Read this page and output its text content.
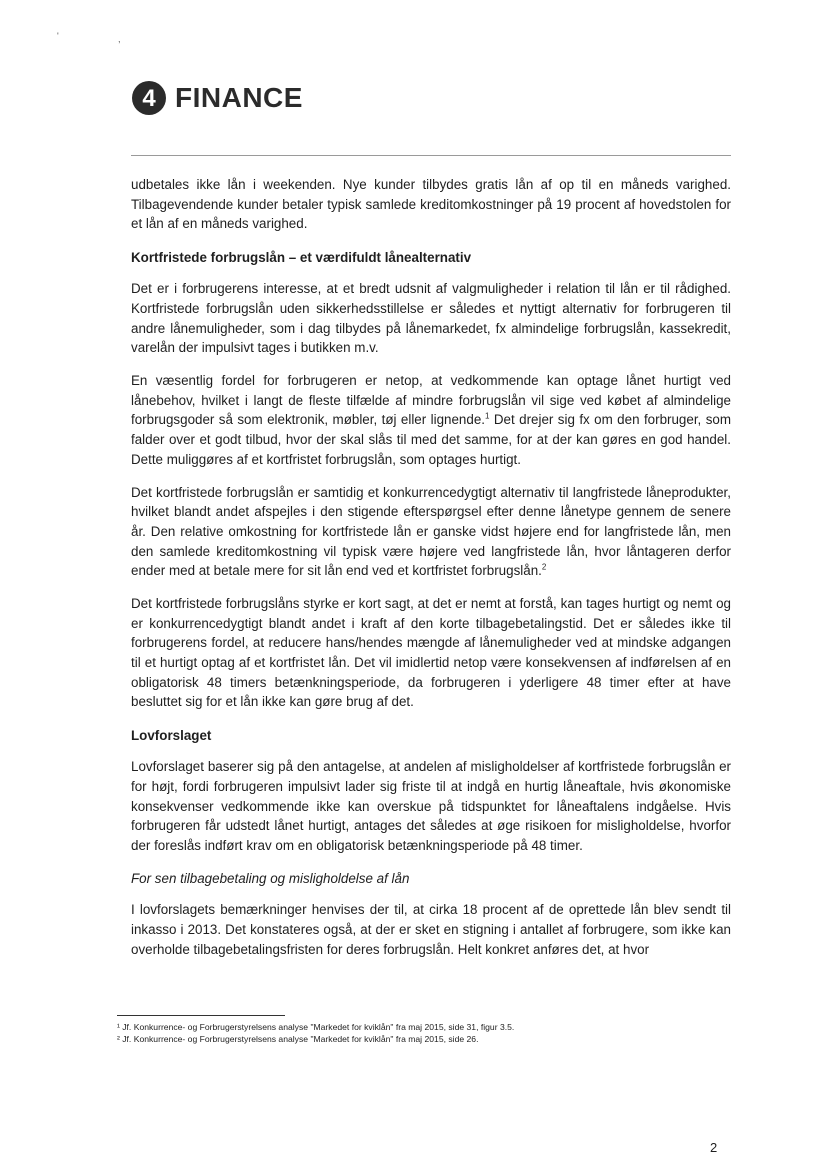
'	,
4 FINANCE

udbetales ikke lån i weekenden. Nye kunder tilbydes gratis lån af op til en måneds varighed. Tilbagevendende kunder betaler typisk samlede kreditomkostninger på 19 procent af hovedstolen for et lån af en måneds varighed.

Kortfristede forbrugslån – et værdifuldt lånealternativ

Det er i forbrugerens interesse, at et bredt udsnit af valgmuligheder i relation til lån er til rådighed. Kortfristede forbrugslån uden sikkerhedsstillelse er således et nyttigt alternativ for forbrugeren til andre lånemuligheder, som i dag tilbydes på lånemarkedet, fx almindelige forbrugslån, kassekredit, varelån der impulsivt tages i butikken m.v.

En væsentlig fordel for forbrugeren er netop, at vedkommende kan optage lånet hurtigt ved lånebehov, hvilket i langt de fleste tilfælde af mindre forbrugslån vil sige ved købet af almindelige forbrugsgoder så som elektronik, møbler, tøj eller lignende.$^1$ Det drejer sig fx om den forbruger, som falder over et godt tilbud, hvor der skal slås til med det samme, for at der kan gøres en god handel. Dette muliggøres af et kortfristet forbrugslån, som optages hurtigt.

Det kortfristede forbrugslån er samtidig et konkurrencedygtigt alternativ til langfristede låneprodukter, hvilket blandt andet afspejles i den stigende efterspørgsel efter denne lånetype gennem de senere år. Den relative omkostning for kortfristede lån er ganske vidst højere end for langfristede lån, men den samlede kreditomkostning vil typisk være højere ved langfristede lån, hvor låntageren derfor ender med at betale mere for sit lån end ved et kortfristet forbrugslån.$^2$

Det kortfristede forbrugslåns styrke er kort sagt, at det er nemt at forstå, kan tages hurtigt og nemt og er konkurrencedygtigt blandt andet i kraft af den korte tilbagebetalingstid. Det er således ikke til forbrugerens fordel, at reducere hans/hendes mængde af lånemuligheder ved at mindske adgangen til et hurtigt optag af et kortfristet lån. Det vil imidlertid netop være konsekvensen af indførelsen af en obligatorisk 48 timers betænkningsperiode, da forbrugeren i yderligere 48 timer efter at have besluttet sig for et lån ikke kan gøre brug af det.

Lovforslaget

Lovforslaget baserer sig på den antagelse, at andelen af misligholdelser af kortfristede forbrugslån er for højt, fordi forbrugeren impulsivt lader sig friste til at indgå en hurtig låneaftale, hvis økonomiske konsekvenser vedkommende ikke kan overskue på tidspunktet for låneaftalens indgåelse. Hvis forbrugeren får udstedt lånet hurtigt, antages det således at øge risikoen for misligholdelse, hvorfor der foreslås indført krav om en obligatorisk betænkningsperiode på 48 timer.

For sen tilbagebetaling og misligholdelse af lån

I lovforslagets bemærkninger henvises der til, at cirka 18 procent af de oprettede lån blev sendt til inkasso i 2013. Det konstateres også, at der er sket en stigning i antallet af forbrugere, som ikke kan overholde tilbagebetalingsfristen for deres forbrugslån. Helt konkret anføres det, at hvor

¹ Jf. Konkurrence- og Forbrugerstyrelsens analyse "Markedet for kviklån" fra maj 2015, side 31, figur 3.5.
² Jf. Konkurrence- og Forbrugerstyrelsens analyse "Markedet for kviklån" fra maj 2015, side 26.
2
